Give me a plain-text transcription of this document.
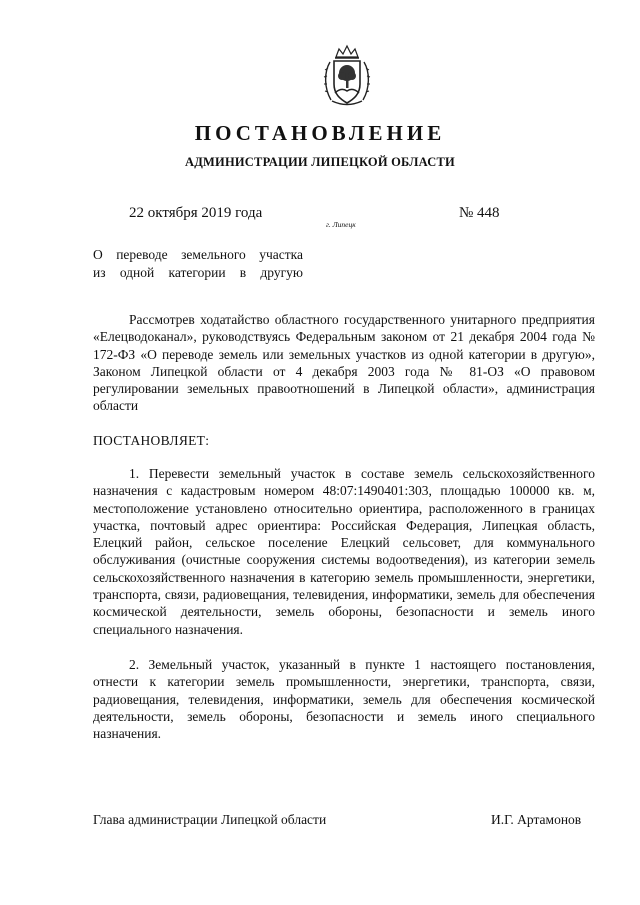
ПОСТАНОВЛЕНИЕ
АДМИНИСТРАЦИИ ЛИПЕЦКОЙ ОБЛАСТИ
22 октября 2019 года
г. Липецк
№ 448
О переводе земельного участка
из одной категории в другую
Рассмотрев ходатайство областного государственного унитарного предприятия «Елецводоканал», руководствуясь Федеральным законом от 21 декабря 2004 года № 172-ФЗ «О переводе земель или земельных участков из одной категории в другую», Законом Липецкой области от 4 декабря 2003 года № 81-ОЗ «О правовом регулировании земельных правоотношений в Липецкой области», администрация области
ПОСТАНОВЛЯЕТ:
1. Перевести земельный участок в составе земель сельскохозяйственного назначения с кадастровым номером 48:07:1490401:303, площадью 100000 кв. м, местоположение установлено относительно ориентира, расположенного в границах участка, почтовый адрес ориентира: Российская Федерация, Липецкая область, Елецкий район, сельское поселение Елецкий сельсовет, для коммунального обслуживания (очистные сооружения системы водоотведения), из категории земель сельскохозяйственного назначения в категорию земель промышленности, энергетики, транспорта, связи, радиовещания, телевидения, информатики, земель для обеспечения космической деятельности, земель обороны, безопасности и земель иного специального назначения.
2. Земельный участок, указанный в пункте 1 настоящего постановления, отнести к категории земель промышленности, энергетики, транспорта, связи, радиовещания, телевидения, информатики, земель для обеспечения космической деятельности, земель обороны, безопасности и земель иного специального назначения.
Глава администрации Липецкой области	И.Г. Артамонов
